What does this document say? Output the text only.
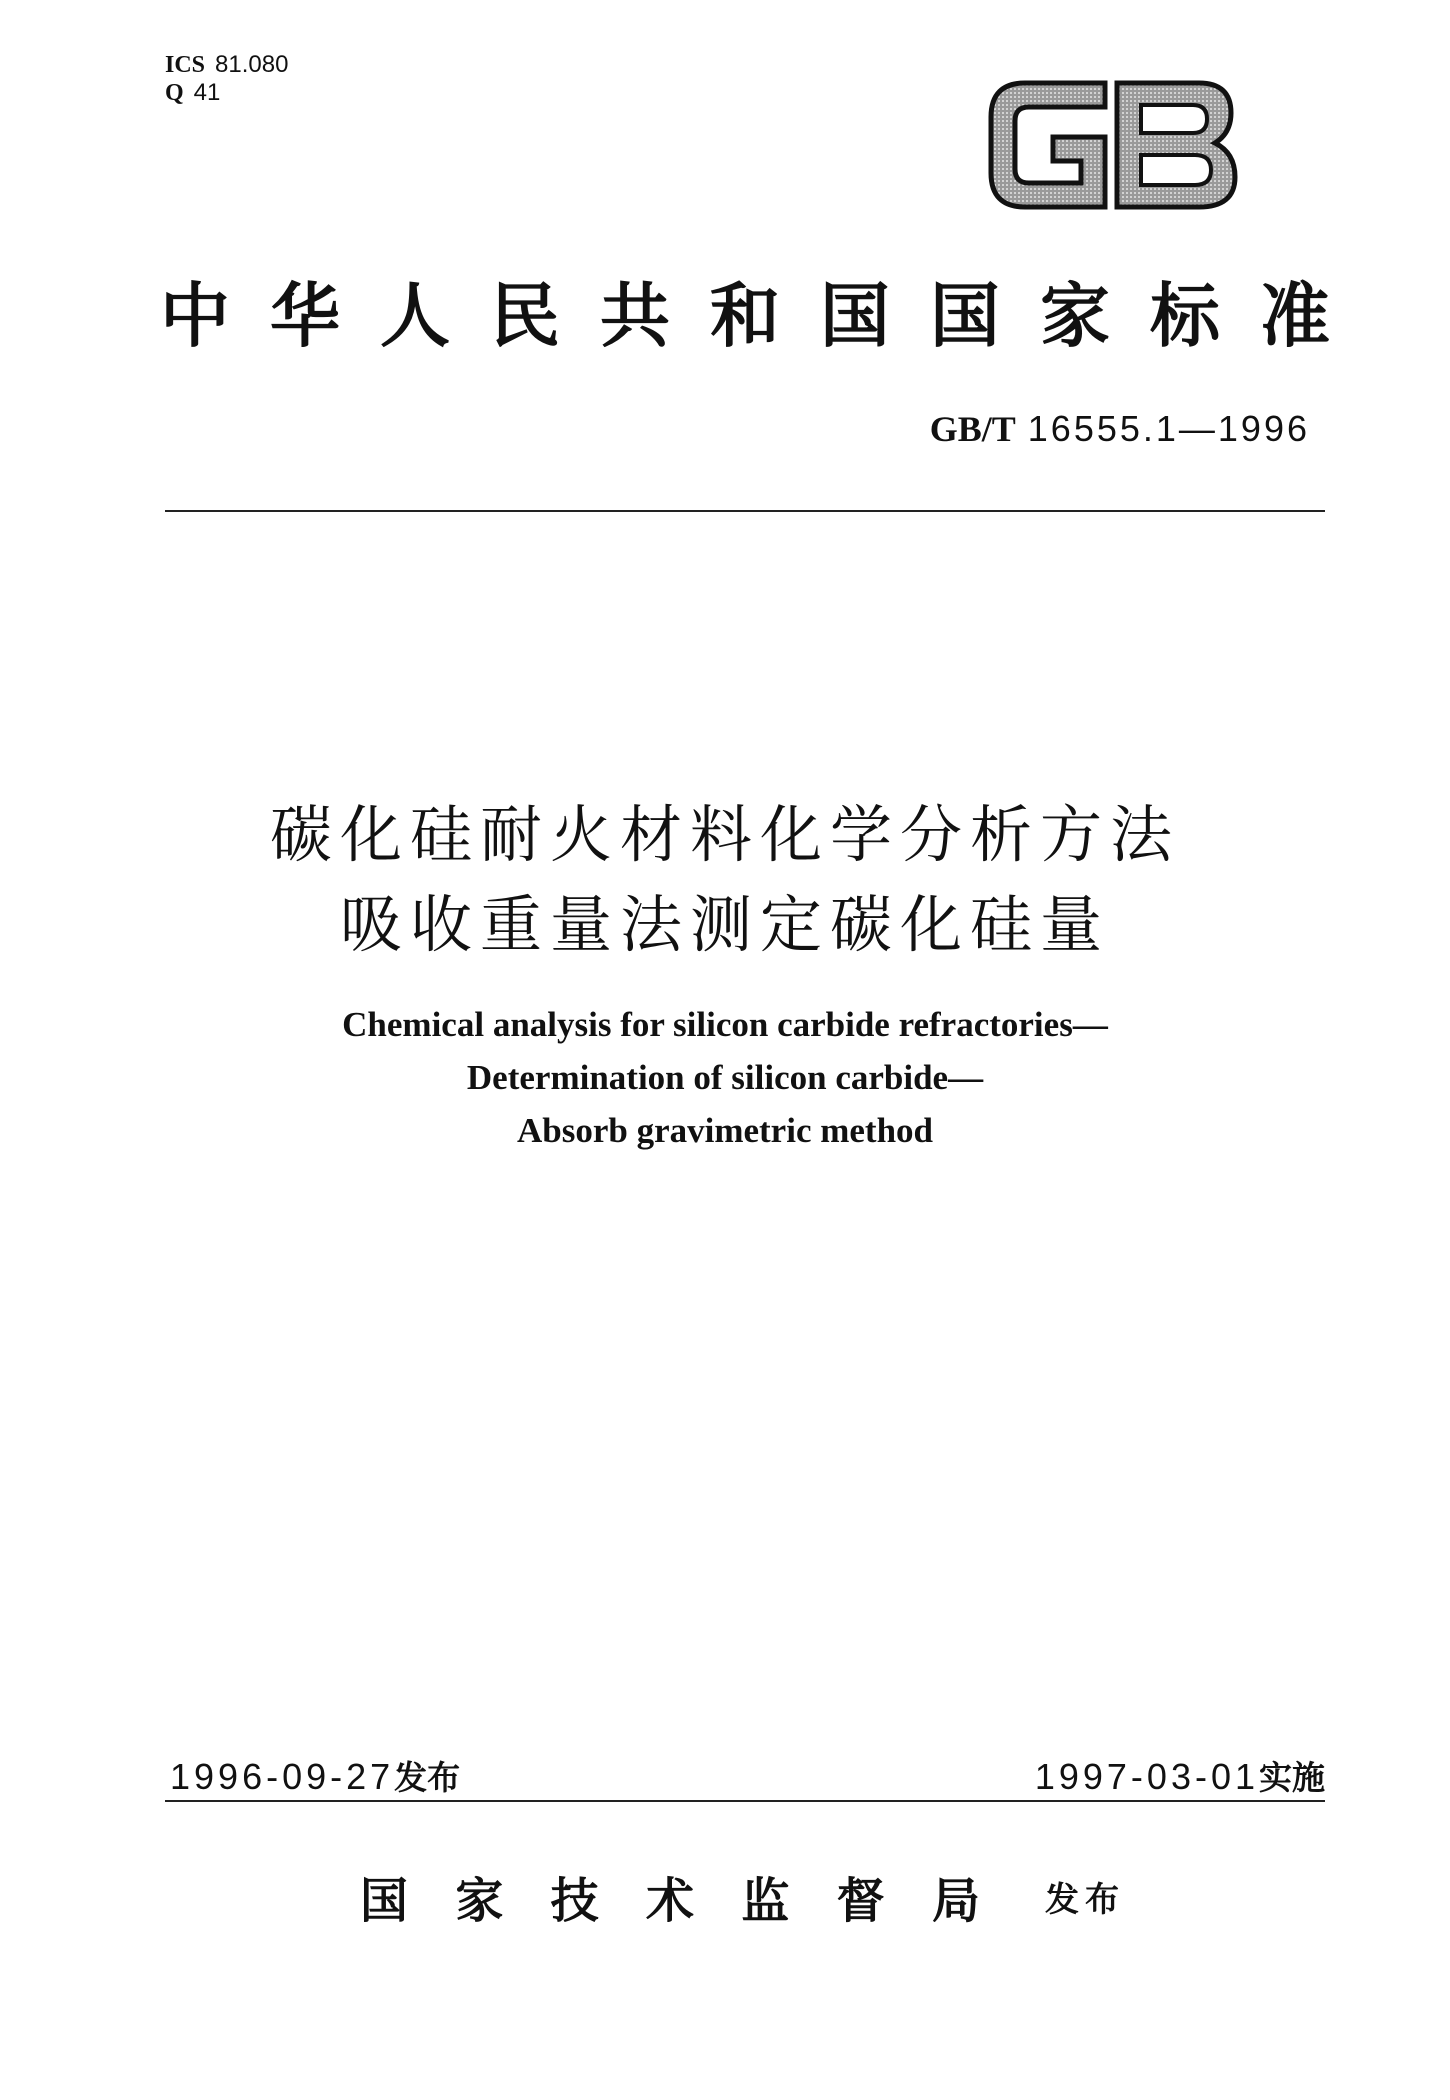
ICS 81.080
Q 41
中 华 人 民 共 和 国 国 家 标 准
GB/T 16555.1—1996
碳化硅耐火材料化学分析方法
吸收重量法测定碳化硅量
Chemical analysis for silicon carbide refractories—
Determination of silicon carbide—
Absorb gravimetric method
1996-09-27发布	1997-03-01实施
国 家 技 术 监 督 局 发布
